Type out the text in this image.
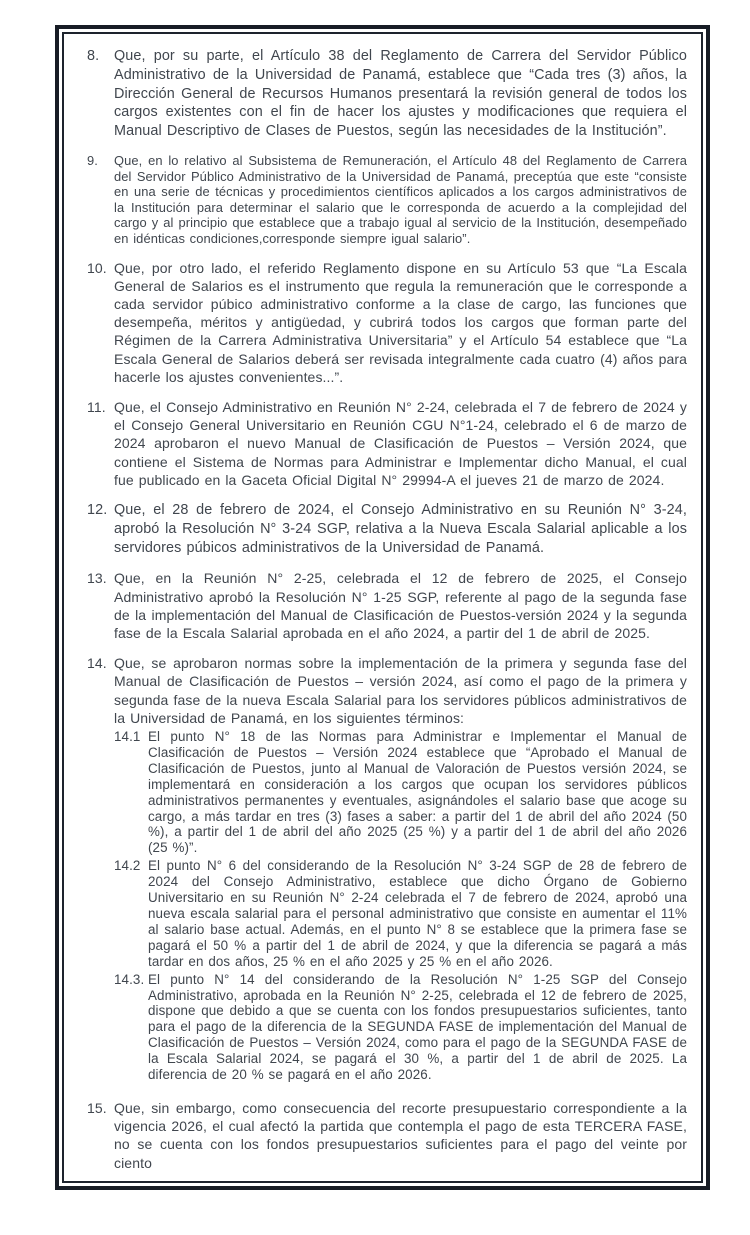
8.	Que, por su parte, el Artículo 38 del Reglamento de Carrera del Servidor Público Administrativo de la Universidad de Panamá, establece que “Cada tres (3) años, la Dirección General de Recursos Humanos presentará la revisión general de todos los cargos existentes con el fin de hacer los ajustes y modificaciones que requiera el Manual Descriptivo de Clases de Puestos, según las necesidades de la Institución”.

9.	Que, en lo relativo al Subsistema de Remuneración, el Artículo 48 del Reglamento de Carrera del Servidor Público Administrativo de la Universidad de Panamá, preceptúa que este “consiste en una serie de técnicas y procedimientos científicos aplicados a los cargos administrativos de la Institución para determinar el salario que le corresponda de acuerdo a la complejidad del cargo y al principio que establece que a trabajo igual al servicio de la Institución, desempeñado en idénticas condiciones,corresponde siempre igual salario”.

10. Que, por otro lado, el referido Reglamento dispone en su Artículo 53 que “La Escala General de Salarios es el instrumento que regula la remuneración que le corresponde a cada servidor púbico administrativo conforme a la clase de cargo, las funciones que desempeña, méritos y antigüedad, y cubrirá todos los cargos que forman parte del Régimen de la Carrera Administrativa Universitaria” y el Artículo 54 establece que “La Escala General de Salarios deberá ser revisada integralmente cada cuatro (4) años para hacerle los ajustes convenientes...”.

11. Que, el Consejo Administrativo en Reunión N° 2-24, celebrada el 7 de febrero de 2024 y el Consejo General Universitario en Reunión CGU N°1-24, celebrado el 6 de marzo de 2024 aprobaron el nuevo Manual de Clasificación de Puestos – Versión 2024, que contiene el Sistema de Normas para Administrar e Implementar dicho Manual, el cual fue publicado en la Gaceta Oficial Digital N° 29994-A el jueves 21 de marzo de 2024.

12. Que, el 28 de febrero de 2024, el Consejo Administrativo en su Reunión N° 3-24, aprobó la Resolución N° 3-24 SGP, relativa a la Nueva Escala Salarial aplicable a los servidores púbicos administrativos de la Universidad de Panamá.

13. Que, en la Reunión N° 2-25, celebrada el 12 de febrero de 2025, el Consejo Administrativo aprobó la Resolución N° 1-25 SGP, referente al pago de la segunda fase de la implementación del Manual de Clasificación de Puestos-versión 2024 y la segunda fase de la Escala Salarial aprobada en el año 2024, a partir del 1 de abril de 2025.

14. Que, se aprobaron normas sobre la implementación de la primera y segunda fase del Manual de Clasificación de Puestos – versión 2024, así como el pago de la primera y segunda fase de la nueva Escala Salarial para los servidores públicos administrativos de la Universidad de Panamá, en los siguientes términos:

14.1 El punto N° 18 de las Normas para Administrar e Implementar el Manual de Clasificación de Puestos – Versión 2024 establece que “Aprobado el Manual de Clasificación de Puestos, junto al Manual de Valoración de Puestos versión 2024, se implementará en consideración a los cargos que ocupan los servidores públicos administrativos permanentes y eventuales, asignándoles el salario base que acoge su cargo, a más tardar en tres (3) fases a saber: a partir del 1 de abril del año 2024 (50 %), a partir del 1 de abril del año 2025 (25 %) y a partir del 1 de abril del año 2026 (25 %)”.
14.2 El punto N° 6 del considerando de la Resolución N° 3-24 SGP de 28 de febrero de 2024 del Consejo Administrativo, establece que dicho Órgano de Gobierno Universitario en su Reunión N° 2-24 celebrada el 7 de febrero de 2024, aprobó una nueva escala salarial para el personal administrativo que consiste en aumentar el 11% al salario base actual. Además, en el punto N° 8 se establece que la primera fase se pagará el 50 % a partir del 1 de abril de 2024, y que la diferencia se pagará a más tardar en dos años, 25 % en el año 2025 y 25 % en el año 2026.
14.3. El punto N° 14 del considerando de la Resolución N° 1-25 SGP del Consejo Administrativo, aprobada en la Reunión N° 2-25, celebrada el 12 de febrero de 2025, dispone que debido a que se cuenta con los fondos presupuestarios suficientes, tanto para el pago de la diferencia de la SEGUNDA FASE de implementación del Manual de Clasificación de Puestos – Versión 2024, como para el pago de la SEGUNDA FASE de la Escala Salarial 2024, se pagará el 30 %, a partir del 1 de abril de 2025. La diferencia de 20 % se pagará en el año 2026.
15. Que, sin embargo, como consecuencia del recorte presupuestario correspondiente a la vigencia 2026, el cual afectó la partida que contempla el pago de esta TERCERA FASE, no se cuenta con los fondos presupuestarios suficientes para el pago del veinte por ciento
